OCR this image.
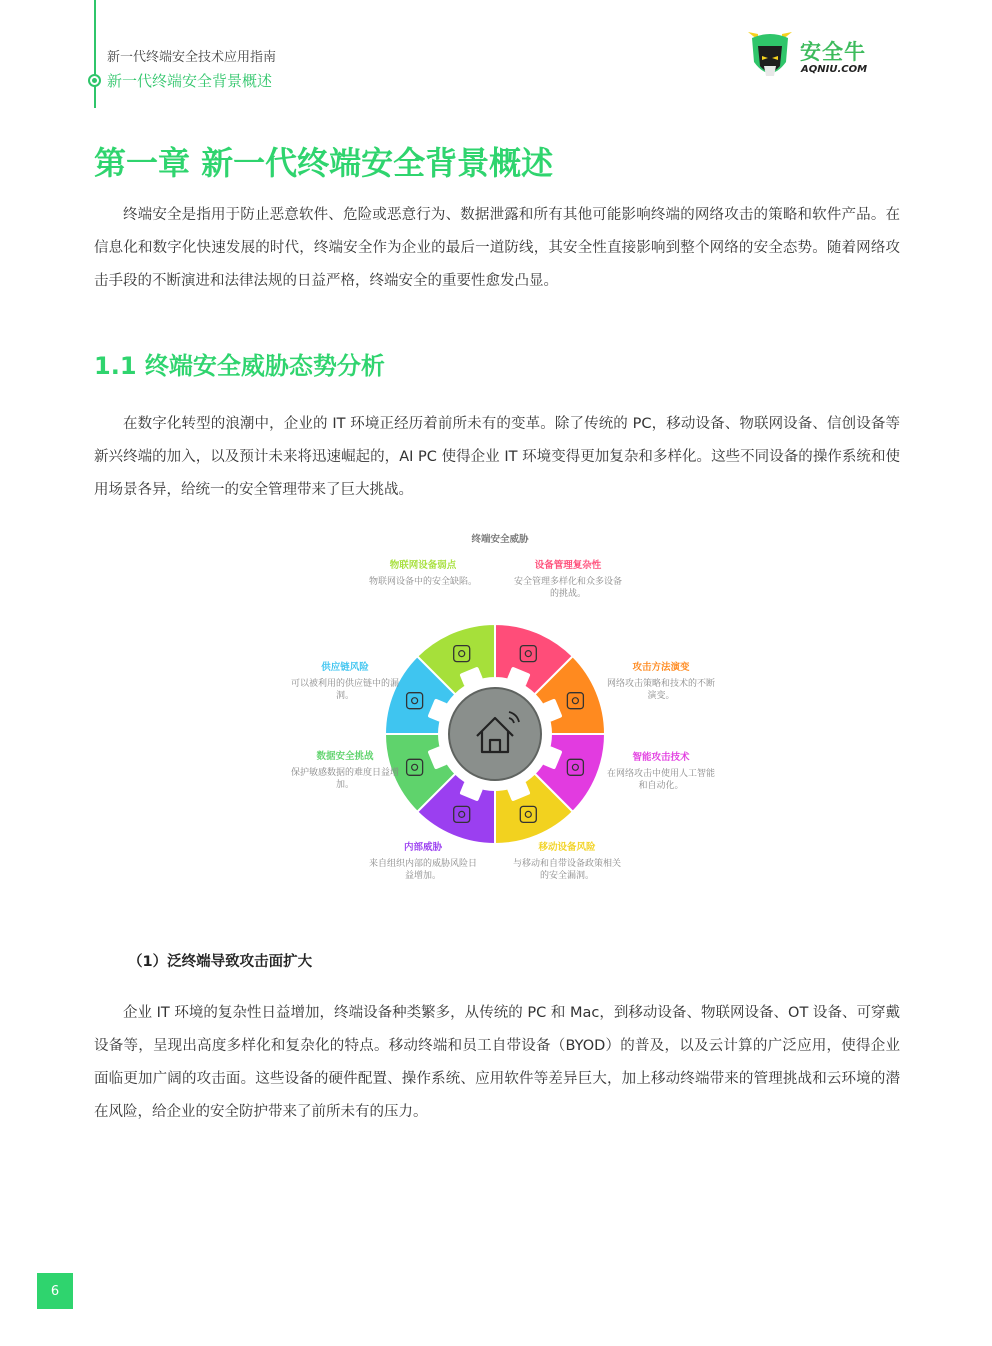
新一代终端安全技术应用指南
新一代终端安全背景概述
安全牛
AQNIU.COM
第一章 新一代终端安全背景概述

终端安全是指用于防止恶意软件、危险或恶意行为、数据泄露和所有其他可能影响终端的网络攻击的策略和软件产品。在信息化和数字化快速发展的时代，终端安全作为企业的最后一道防线，其安全性直接影响到整个网络的安全态势。随着网络攻击手段的不断演进和法律法规的日益严格，终端安全的重要性愈发凸显。

1.1 终端安全威胁态势分析

在数字化转型的浪潮中，企业的 IT 环境正经历着前所未有的变革。除了传统的 PC，移动设备、物联网设备、信创设备等新兴终端的加入，以及预计未来将迅速崛起的，AI PC 使得企业 IT 环境变得更加复杂和多样化。这些不同设备的操作系统和使用场景各异，给统一的安全管理带来了巨大挑战。

终端安全威胁
设备管理复杂性
安全管理多样化和众多设备的挑战。
攻击方法演变
网络攻击策略和技术的不断演变。
智能攻击技术
在网络攻击中使用人工智能和自动化。
移动设备风险
与移动和自带设备政策相关的安全漏洞。
内部威胁
来自组织内部的威胁风险日益增加。
数据安全挑战
保护敏感数据的难度日益增加。
供应链风险
可以被利用的供应链中的漏洞。
物联网设备弱点
物联网设备中的安全缺陷。
（1）泛终端导致攻击面扩大

企业 IT 环境的复杂性日益增加，终端设备种类繁多，从传统的 PC 和 Mac，到移动设备、物联网设备、OT 设备、可穿戴设备等，呈现出高度多样化和复杂化的特点。移动终端和员工自带设备（BYOD）的普及，以及云计算的广泛应用，使得企业面临更加广阔的攻击面。这些设备的硬件配置、操作系统、应用软件等差异巨大，加上移动终端带来的管理挑战和云环境的潜在风险，给企业的安全防护带来了前所未有的压力。

6
